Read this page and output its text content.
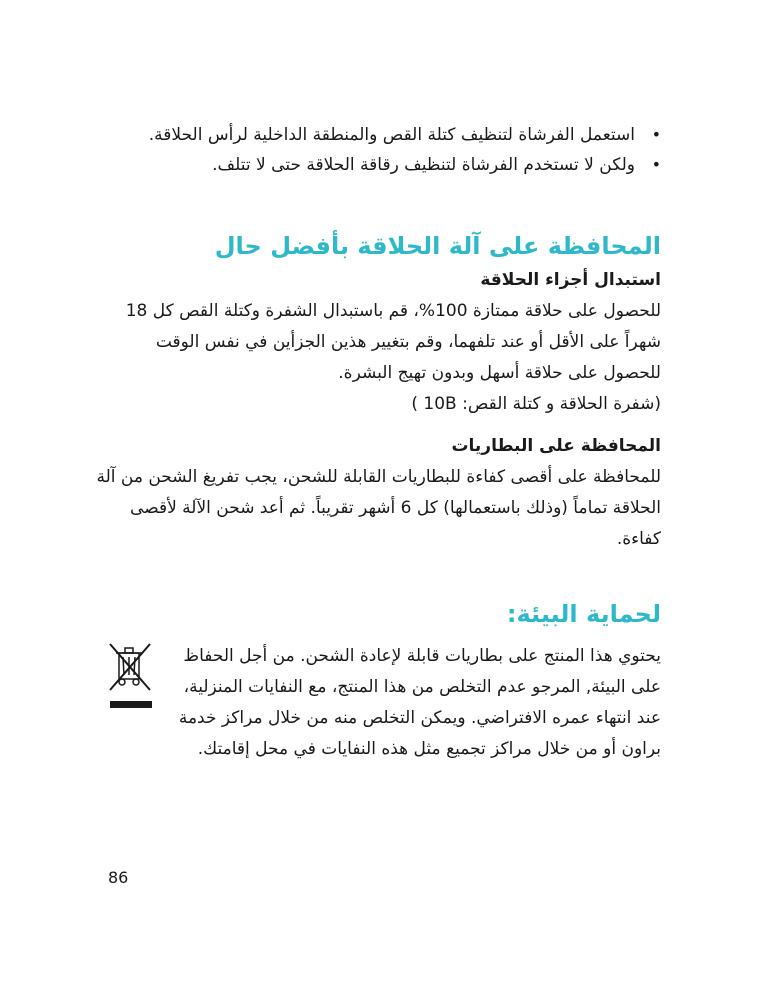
• استعمل الفرشاة لتنظيف كتلة القص والمنطقة الداخلية لرأس الحلاقة.
• ولكن لا تستخدم الفرشاة لتنظيف رقاقة الحلاقة حتى لا تتلف.
المحافظة على آلة الحلاقة بأفضل حال
استبدال أجزاء الحلاقة
للحصول على حلاقة ممتازة 100%، قم باستبدال الشفرة وكتلة القص كل 18
شهراً على الأقل أو عند تلفهما، وقم بتغيير هذين الجزأين في نفس الوقت
للحصول على حلاقة أسهل وبدون تهيج البشرة.
(شفرة الحلاقة و كتلة القص: 10B )
المحافظة على البطاريات
للمحافظة على أقصى كفاءة للبطاريات القابلة للشحن، يجب تفريغ الشحن من آلة
الحلاقة تماماً (وذلك باستعمالها) كل 6 أشهر تقريباً. ثم أعد شحن الآلة لأقصى
كفاءة.
لحماية البيئة:
يحتوي هذا المنتج على بطاريات قابلة لإعادة الشحن. من أجل الحفاظ
على البيئة, المرجو عدم التخلص من هذا المنتج، مع النفايات المنزلية،
عند انتهاء عمره الافتراضي. ويمكن التخلص منه من خلال مراكز خدمة
براون أو من خلال مراكز تجميع مثل هذه النفايات في محل إقامتك.
86
